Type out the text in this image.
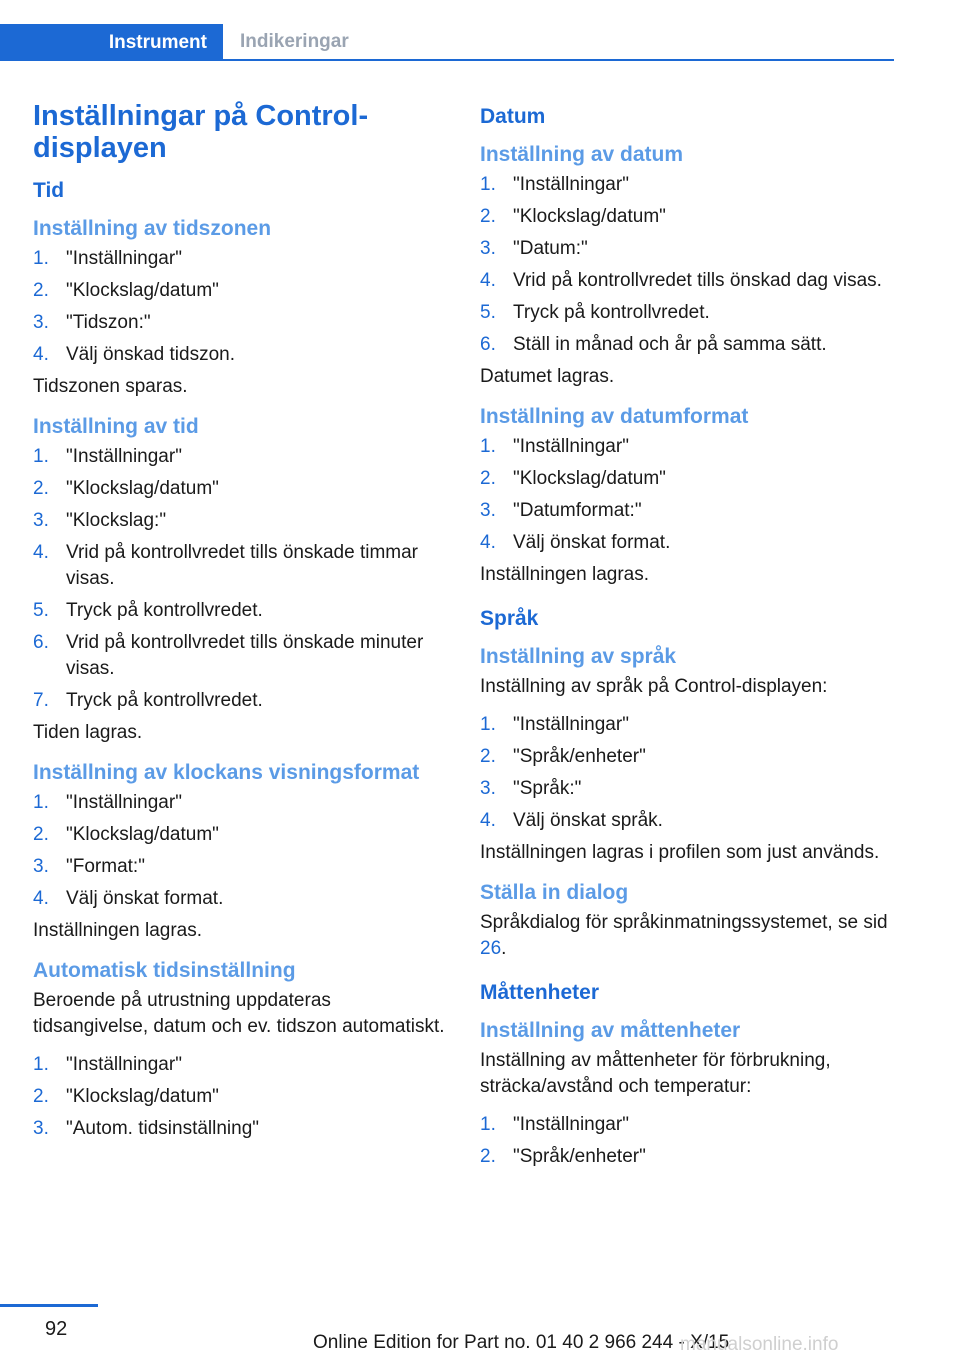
Instrument	Indikeringar
Inställningar på Control-
displayen
Tid
Inställning av tidszonen
1. "Inställningar"
2. "Klockslag/datum"
3. "Tidszon:"
4. Välj önskad tidszon.

Tidszonen sparas.

Inställning av tid
1. "Inställningar"
2. "Klockslag/datum"
3. "Klockslag:"
4. Vrid på kontrollvredet tills önskade timmar visas.
5. Tryck på kontrollvredet.
6. Vrid på kontrollvredet tills önskade minuter visas.
7. Tryck på kontrollvredet.

Tiden lagras.

Inställning av klockans visningsformat
1. "Inställningar"
2. "Klockslag/datum"
3. "Format:"
4. Välj önskat format.

Inställningen lagras.

Automatisk tidsinställning

Beroende på utrustning uppdateras tidsangivelse, datum och ev. tidszon automatiskt.

1. "Inställningar"
2. "Klockslag/datum"
3. "Autom. tidsinställning"
Datum
Inställning av datum
1. "Inställningar"
2. "Klockslag/datum"
3. "Datum:"
4. Vrid på kontrollvredet tills önskad dag visas.
5. Tryck på kontrollvredet.
6. Ställ in månad och år på samma sätt.

Datumet lagras.

Inställning av datumformat
1. "Inställningar"
2. "Klockslag/datum"
3. "Datumformat:"
4. Välj önskat format.

Inställningen lagras.

Språk
Inställning av språk

Inställning av språk på Control-displayen:

1. "Inställningar"
2. "Språk/enheter"
3. "Språk:"
4. Välj önskat språk.

Inställningen lagras i profilen som just används.

Ställa in dialog

Språkdialog för språkinmatningssystemet, se sid 26.

Måttenheter
Inställning av måttenheter

Inställning av måttenheter för förbrukning, sträcka/avstånd och temperatur:

1. "Inställningar"
2. "Språk/enheter"
92
Online Edition for Part no. 01 40 2 966 244 - X/15
manualsonline.info
